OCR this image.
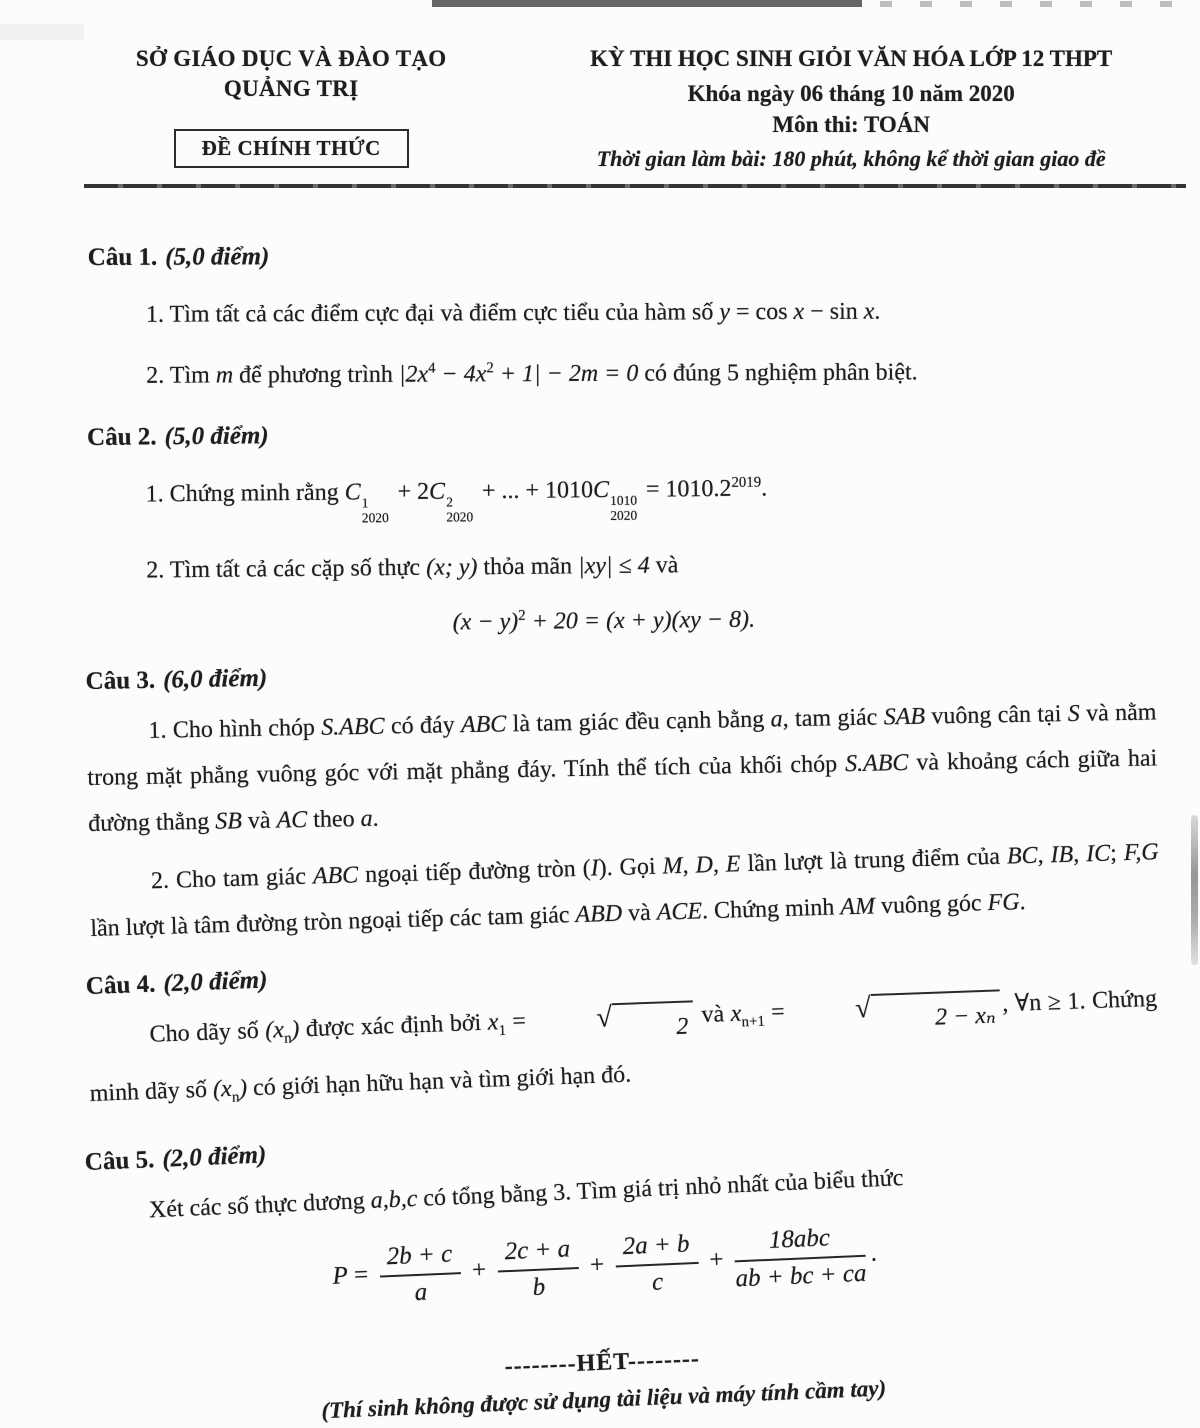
SỞ GIÁO DỤC VÀ ĐÀO TẠO
QUẢNG TRỊ
ĐỀ CHÍNH THỨC
KỲ THI HỌC SINH GIỎI VĂN HÓA LỚP 12 THPT
Khóa ngày 06 tháng 10 năm 2020
Môn thi: TOÁN
Thời gian làm bài: 180 phút, không kể thời gian giao đề
Câu 1. (5,0 điểm)

1. Tìm tất cả các điểm cực đại và điểm cực tiểu của hàm số y = cos x − sin x.

2. Tìm m để phương trình $|2x^4 - 4x^2 + 1| - 2m = 0$ có đúng 5 nghiệm phân biệt.

Câu 2. (5,0 điểm)

1. Chứng minh rằng C 1
2020
+ 2C 2
2020
+ ... + 1010C 1010
2020
= $1010.2^{2019}$.

2. Tìm tất cả các cặp số thực (x; y) thỏa mãn |xy| ≤ 4 và

$(x - y)^2 + 20 = (x + y)(xy - 8)$.

Câu 3. (6,0 điểm)

1. Cho hình chóp S.ABC có đáy ABC là tam giác đều cạnh bằng a, tam giác SAB vuông cân tại S và nằm trong mặt phẳng vuông góc với mặt phẳng đáy. Tính thể tích của khối chóp S.ABC và khoảng cách giữa hai đường thẳng SB và AC theo a.

2. Cho tam giác ABC ngoại tiếp đường tròn (I). Gọi M, D, E lần lượt là trung điểm của BC, IB, IC; F,G lần lượt là tâm đường tròn ngoại tiếp các tam giác ABD và ACE. Chứng minh AM vuông góc FG.

Câu 4. (2,0 điểm)

Cho dãy số $(x_n)$ được xác định bởi $x_1$ =	√	2 và $x_{n+1}$ =	√	2 − xₙ , ∀n ≥ 1. Chứng minh dãy số $(x_n)$ có giới hạn hữu hạn và tìm giới hạn đó.

Câu 5. (2,0 điểm)

Xét các số thực dương a,b,c có tổng bằng 3. Tìm giá trị nhỏ nhất của biểu thức

$P = \frac{2b + c}{a} + \frac{2c + a}{b} + \frac{2a + b}{c} + \frac{\text{18abc}}{ab + bc + ca}$ .

--------HẾT--------

(Thí sinh không được sử dụng tài liệu và máy tính cầm tay)
